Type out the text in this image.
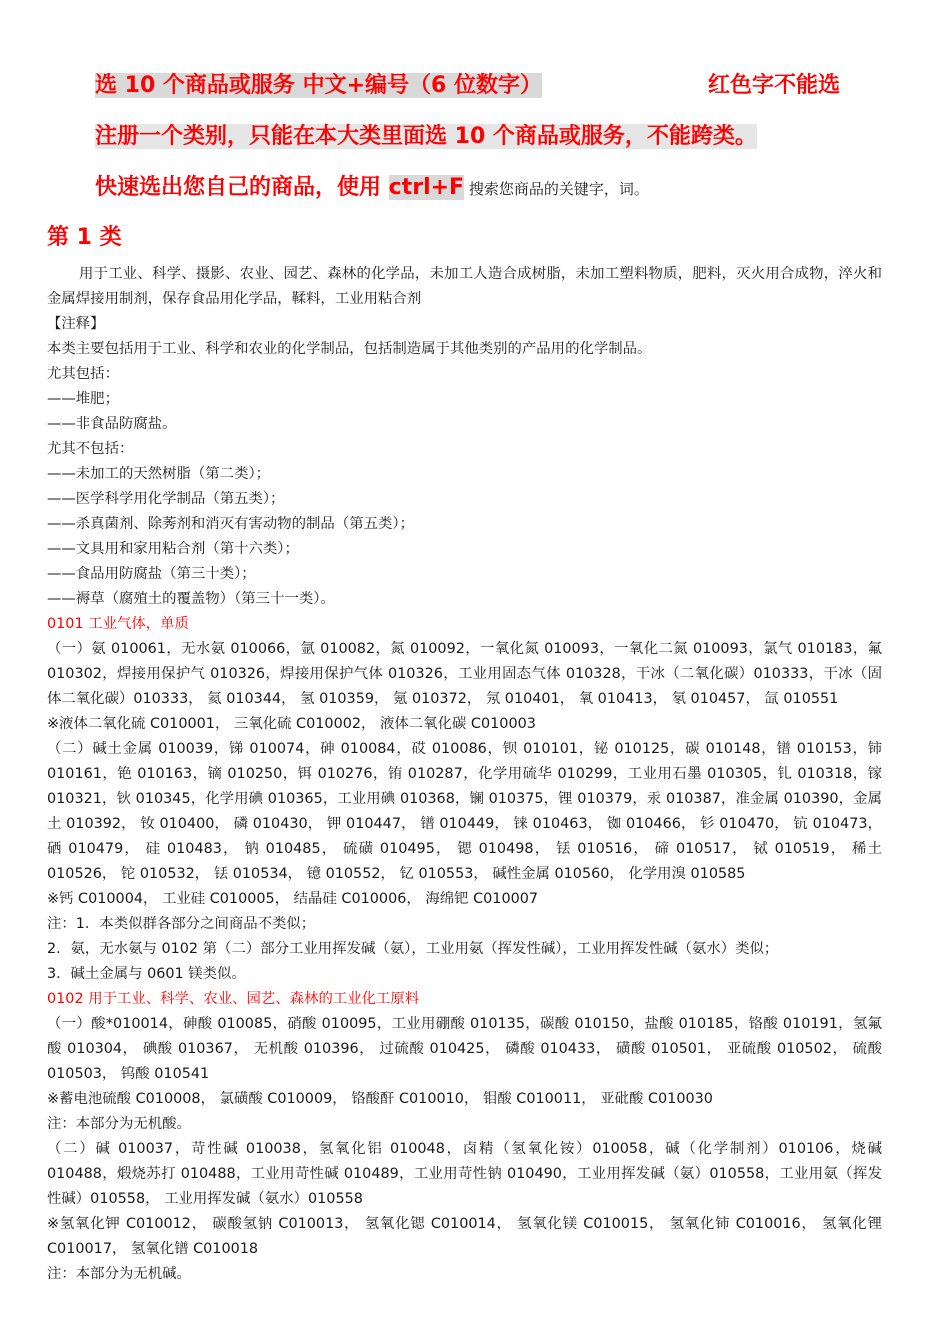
选 10 个商品或服务 中文+编号（6 位数字）	红色字不能选
注册一个类别，只能在本大类里面选 10 个商品或服务，不能跨类。
快速选出您自己的商品，使用 ctrl+F 搜索您商品的关键字，词。
第 1 类

用于工业、科学、摄影、农业、园艺、森林的化学品，未加工人造合成树脂，未加工塑料物质，肥料，灭火用合成物，淬火和金属焊接用制剂，保存食品用化学品，鞣料，工业用粘合剂

【注释】

本类主要包括用于工业、科学和农业的化学制品，包括制造属于其他类别的产品用的化学制品。

尤其包括：

——堆肥；

——非食品防腐盐。

尤其不包括：

——未加工的天然树脂（第二类）；

——医学科学用化学制品（第五类）；

——杀真菌剂、除莠剂和消灭有害动物的制品（第五类）；

——文具用和家用粘合剂（第十六类）；

——食品用防腐盐（第三十类）；

——褥草（腐殖土的覆盖物）（第三十一类）。

0101 工业气体，单质

（一）氨 010061，无水氨 010066，氩 010082，氮 010092，一氧化氮 010093，一氧化二氮 010093，氯气 010183，氟 010302，焊接用保护气 010326，焊接用保护气体 010326，工业用固态气体 010328，干冰（二氧化碳）010333，干冰（固体二氧化碳）010333， 氦 010344， 氢 010359， 氪 010372， 氖 010401， 氧 010413， 氡 010457， 氙 010551

※液体二氧化硫 C010001， 三氧化硫 C010002， 液体二氧化碳 C010003

（二）碱土金属 010039，锑 010074，砷 010084，砹 010086，钡 010101，铋 010125，碳 010148，镨 010153，铈 010161，铯 010163，镝 010250，铒 010276，铕 010287，化学用硫华 010299，工业用石墨 010305，钆 010318，镓 010321，钬 010345，化学用碘 010365，工业用碘 010368，镧 010375，锂 010379，汞 010387，准金属 010390，金属土 010392， 钕 010400， 磷 010430， 钾 010447， 镨 010449， 铼 010463， 铷 010466， 钐 010470， 钪 010473， 硒 010479， 硅 010483， 钠 010485， 硫磺 010495， 锶 010498， 铥 010516， 碲 010517， 铽 010519， 稀土 010526， 铊 010532， 铥 010534， 镱 010552， 钇 010553， 碱性金属 010560， 化学用溴 010585

※钙 C010004， 工业硅 C010005， 结晶硅 C010006， 海绵钯 C010007

注：1．本类似群各部分之间商品不类似；

2．氨，无水氨与 0102 第（二）部分工业用挥发碱（氨），工业用氨（挥发性碱），工业用挥发性碱（氨水）类似；

3．碱土金属与 0601 镁类似。

0102 用于工业、科学、农业、园艺、森林的工业化工原料

（一）酸*010014，砷酸 010085，硝酸 010095，工业用硼酸 010135，碳酸 010150，盐酸 010185，铬酸 010191，氢氟酸 010304， 碘酸 010367， 无机酸 010396， 过硫酸 010425， 磷酸 010433， 磺酸 010501， 亚硫酸 010502， 硫酸 010503， 钨酸 010541

※蓄电池硫酸 C010008， 氯磺酸 C010009， 铬酸酐 C010010， 钼酸 C010011， 亚砒酸 C010030

注：本部分为无机酸。

（二）碱 010037，苛性碱 010038，氢氧化铝 010048，卤精（氢氧化铵）010058，碱（化学制剂）010106，烧碱 010488，煅烧苏打 010488，工业用苛性碱 010489，工业用苛性钠 010490，工业用挥发碱（氨）010558，工业用氨（挥发性碱）010558， 工业用挥发碱（氨水）010558

※氢氧化钾 C010012， 碳酸氢钠 C010013， 氢氧化锶 C010014， 氢氧化镁 C010015， 氢氧化铈 C010016， 氢氧化锂 C010017， 氢氧化镨 C010018

注：本部分为无机碱。
